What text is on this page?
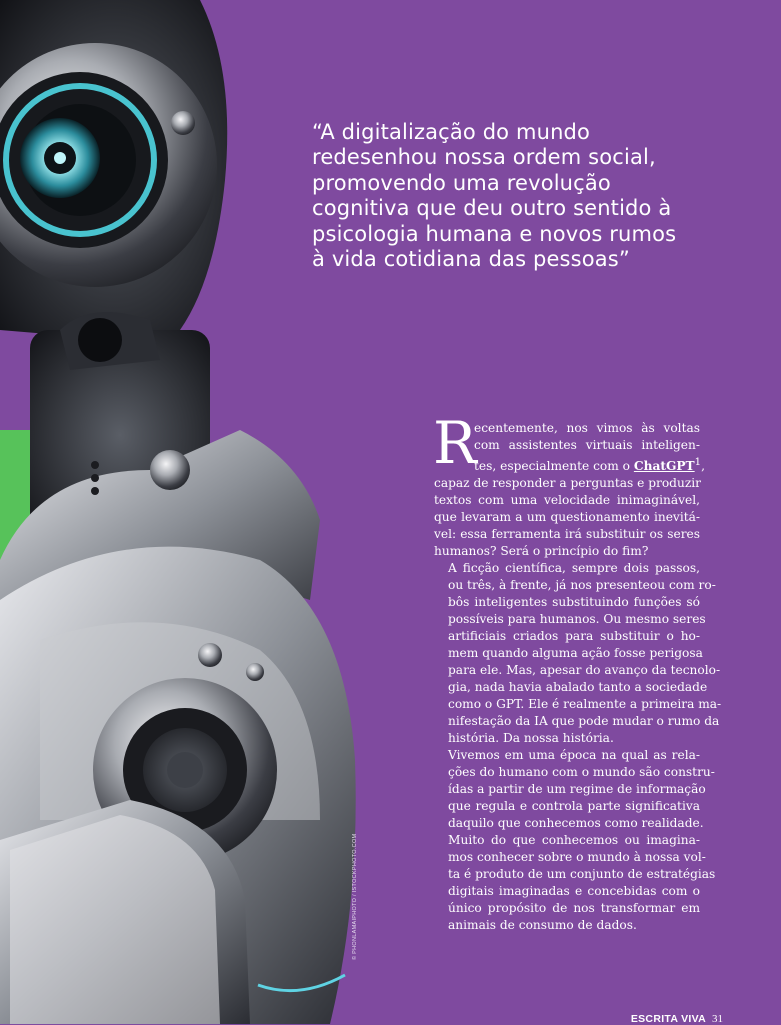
© PHONLAMAIPHOTO / ISTOCKPHOTO.COM
“A digitalização do mundo
redesenhou nossa ordem social,
promovendo uma revolução
cognitiva que deu outro sentido à
psicologia humana e novos rumos
à vida cotidiana das pessoas”
R

ecentemente, nos vimos às voltas
com assistentes virtuais inteligen-
tes, especialmente com o ChatGPT$^1$,
capaz de responder a perguntas e produzir
textos com uma velocidade inimaginável,
que levaram a um questionamento inevitá-
vel: essa ferramenta irá substituir os seres
humanos? Será o princípio do fim?

A ficção científica, sempre dois passos,
ou três, à frente, já nos presenteou com ro-
bôs inteligentes substituindo funções só
possíveis para humanos. Ou mesmo seres
artificiais criados para substituir o ho-
mem quando alguma ação fosse perigosa
para ele. Mas, apesar do avanço da tecnolo-
gia, nada havia abalado tanto a sociedade
como o GPT. Ele é realmente a primeira ma-
nifestação da IA que pode mudar o rumo da
história. Da nossa história.

Vivemos em uma época na qual as rela-
ções do humano com o mundo são constru-
ídas a partir de um regime de informação
que regula e controla parte significativa
daquilo que conhecemos como realidade.

Muito do que conhecemos ou imagina-
mos conhecer sobre o mundo à nossa vol-
ta é produto de um conjunto de estratégias
digitais imaginadas e concebidas com o
único propósito de nos transformar em
animais de consumo de dados.

ESCRITA VIVA 31
